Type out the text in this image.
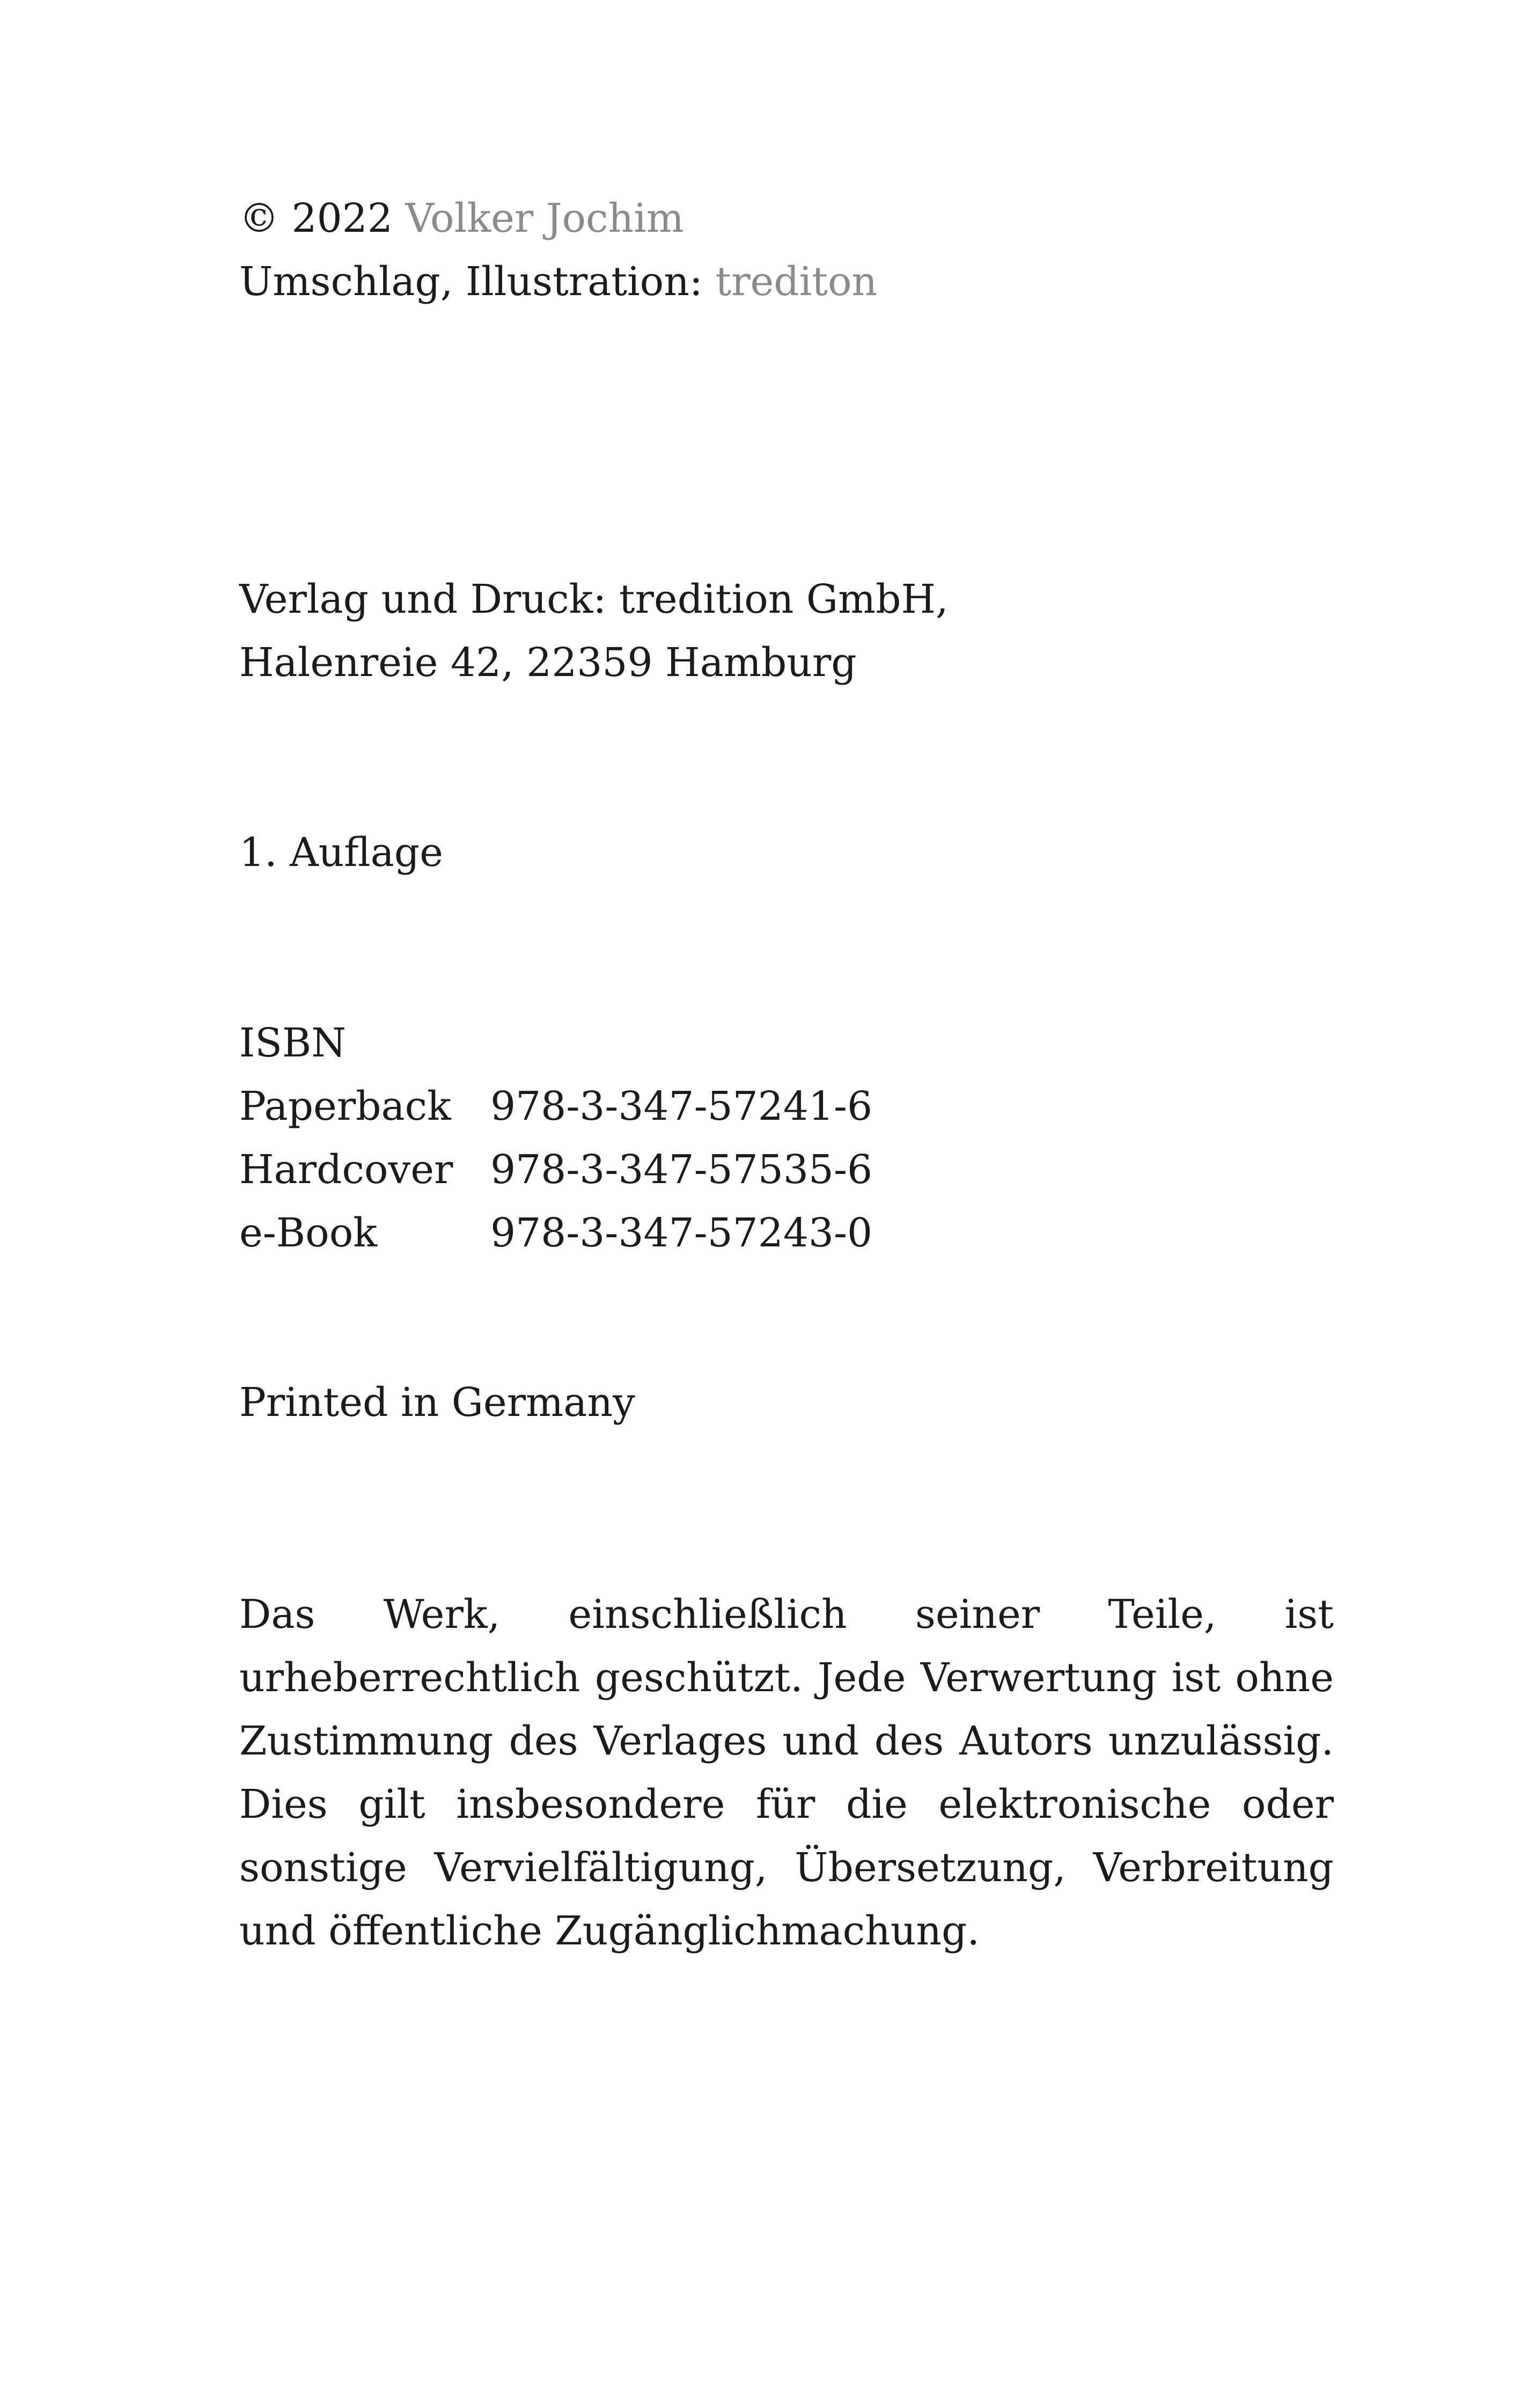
© 2022 Volker Jochim
Umschlag, Illustration: trediton
Verlag und Druck: tredition GmbH,
Halenreie 42, 22359 Hamburg
1. Auflage
ISBN
Paperback 978-3-347-57241-6
Hardcover 978-3-347-57535-6
e-Book	978-3-347-57243-0
Printed in Germany
Das Werk, einschließlich seiner Teile, ist urheberrechtlich geschützt. Jede Verwertung ist ohne Zustimmung des Verlages und des Autors unzulässig. Dies gilt insbesondere für die elektronische oder sonstige Vervielfältigung, Übersetzung, Verbreitung und öffentliche Zugänglichmachung.
